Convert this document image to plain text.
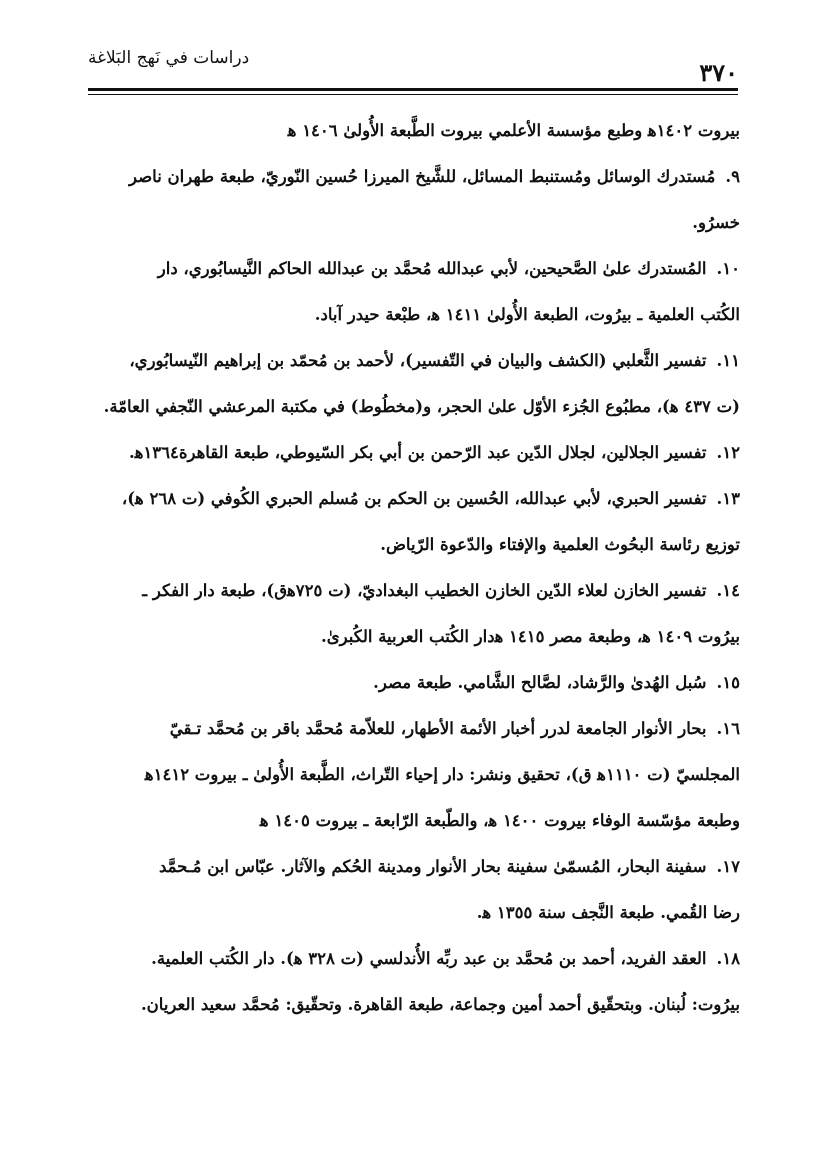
٣٧٠
دراسات في نَهج البَلاغة
بيروت ١٤٠٢ﻫ وطبع مؤسسة الأعلمي بيروت الطَّبعة الأُولىٰ ١٤٠٦ ﻫ
٩.مُستدرك الوسائل ومُستنبط المسائل، للشَّيخ الميرزا حُسين النّوريّ، طبعة طهران ناصر
خسرُو.
١٠.المُستدرك علىٰ الصَّحيحين، لأبي عبدالله مُحمَّد بن عبدالله الحاكم النَّيسابُوري، دار
الكُتب العلمية ـ بيرُوت، الطبعة الأُولىٰ ١٤١١ ﻫ، طبْعة حيدر آباد.
١١.تفسير الثَّعلبي (الكشف والبيان في التّفسير)، لأحمد بن مُحمّد بن إبراهيم النّيسابُوري،
(ت ٤٣٧ ﻫ)، مطبُوع الجُزء الأوّل علىٰ الحجر، و(مخطُوط) في مكتبة المرعشي النّجفي العامّة.
١٢.تفسير الجلالين، لجلال الدّين عبد الرّحمن بن أبي بكر السّيوطي، طبعة القاهرة١٣٦٤ﻫ.
١٣.تفسير الحبري، لأبي عبدالله، الحُسين بن الحكم بن مُسلم الحبري الكُوفي (ت ٢٦٨ ﻫ)،
توزيع رئاسة البحُوث العلمية والإفتاء والدّعوة الرّياض.
١٤.تفسير الخازن لعلاء الدّين الخازن الخطيب البغداديّ، (ت ٧٢٥ﻫق)، طبعة دار الفكر ـ
بيرُوت ١٤٠٩ ﻫ، وطبعة مصر ١٤١٥ ﻫدار الكُتب العربية الكُبرىٰ.
١٥.سُبل الهُدىٰ والرَّشاد، لصَّالح الشَّامي. طبعة مصر.
١٦.بحار الأنوار الجامعة لدرر أخبار الأئمة الأطهار، للعلاّمة مُحمَّد باقر بن مُحمَّد تـقيّ
المجلسيّ (ت ١١١٠ﻫ ق)، تحقيق ونشر: دار إحياء التّراث، الطَّبعة الأُولىٰ ـ بيروت ١٤١٢ﻫ
وطبعة مؤسّسة الوفاء بيروت ١٤٠٠ ﻫ، والطّبعة الرّابعة ـ بيروت ١٤٠٥ ﻫ
١٧.سفينة البحار، المُسمّىٰ سفينة بحار الأنوار ومدينة الحُكم والآثار. عبّاس ابن مُـحمَّد
رضا القُمي. طبعة النَّجف سنة ١٣٥٥ ﻫ.
١٨.العقد الفريد، أحمد بن مُحمَّد بن عبد ربِّه الأُندلسي (ت ٣٢٨ ﻫ). دار الكُتب العلمية.
بيرُوت: لُبنان. وبتحقّيق أحمد أمين وجماعة، طبعة القاهرة. وتحقّيق: مُحمَّد سعيد العريان.
